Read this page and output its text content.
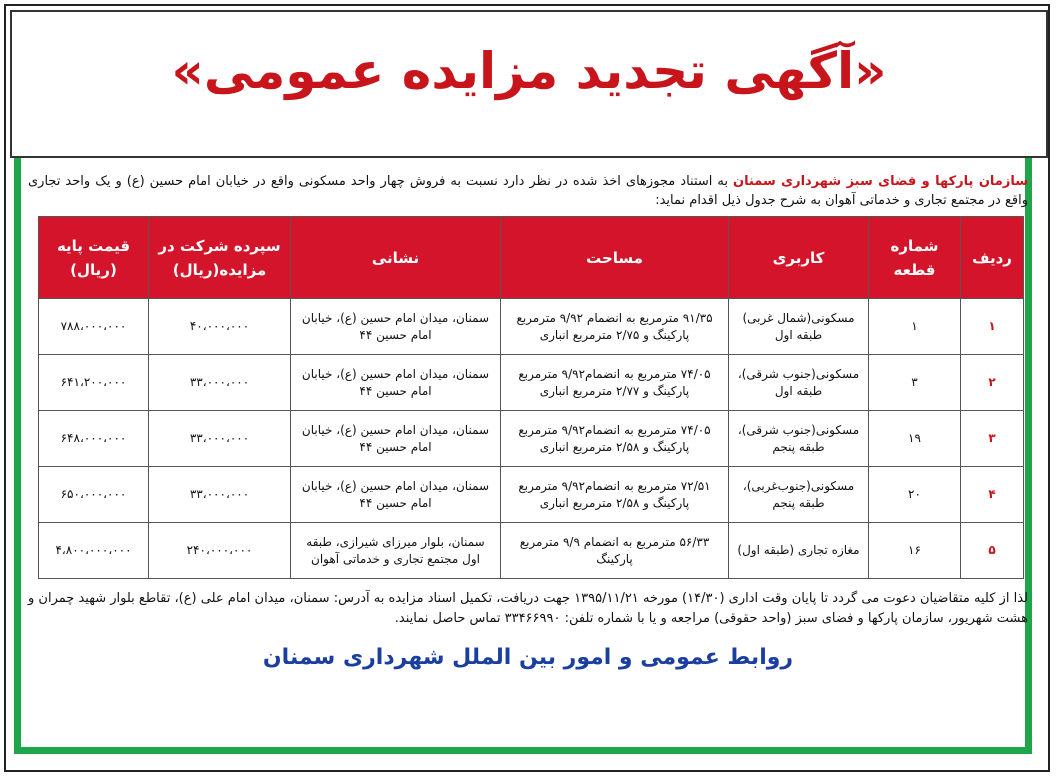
«آگهی تجدید مزایده عمومی»
سازمان پارکها و فضای سبز شهرداری سمنان به استناد مجوزهای اخذ شده در نظر دارد نسبت به فروش چهار واحد مسکونی واقع در خیابان امام حسین (ع) و یک واحد تجاری واقع در مجتمع تجاری و خدماتی آهوان به شرح جدول ذیل اقدام نماید:
ردیف	شماره قطعه	کاربری	مساحت	نشانی	سپرده شرکت در مزایده(ریال)	قیمت پایه (ریال)
۱	۱	مسکونی(شمال غربی) طبقه اول	۹۱/۳۵ مترمربع به انضمام ۹/۹۲ مترمربع پارکینگ و ۲/۷۵ مترمربع انباری	سمنان، میدان امام حسین (ع)، خیابان امام حسین ۴۴	۴۰،۰۰۰،۰۰۰	۷۸۸،۰۰۰،۰۰۰
۲	۳	مسکونی(جنوب شرقی)، طبقه اول	۷۴/۰۵ مترمربع به انضمام۹/۹۲ مترمربع پارکینگ و ۲/۷۷ مترمربع انباری	سمنان، میدان امام حسین (ع)، خیابان امام حسین ۴۴	۳۳،۰۰۰،۰۰۰	۶۴۱،۲۰۰،۰۰۰
۳	۱۹	مسکونی(جنوب شرقی)، طبقه پنجم	۷۴/۰۵ مترمربع به انضمام۹/۹۲ مترمربع پارکینگ و ۲/۵۸ مترمربع انباری	سمنان، میدان امام حسین (ع)، خیابان امام حسین ۴۴	۳۳،۰۰۰،۰۰۰	۶۴۸،۰۰۰،۰۰۰
۴	۲۰	مسکونی(جنوب‌غربی)، طبقه پنجم	۷۲/۵۱ مترمربع به انضمام۹/۹۲ مترمربع پارکینگ و ۲/۵۸ مترمربع انباری	سمنان، میدان امام حسین (ع)، خیابان امام حسین ۴۴	۳۳،۰۰۰،۰۰۰	۶۵۰،۰۰۰،۰۰۰
۵	۱۶	مغازه تجاری (طبقه اول)	۵۶/۳۳ مترمربع به انضمام ۹/۹ مترمربع پارکینگ	سمنان، بلوار میرزای شیرازی، طبقه اول مجتمع تجاری و خدماتی آهوان	۲۴۰،۰۰۰،۰۰۰	۴،۸۰۰،۰۰۰،۰۰۰
لذا از کلیه متقاضیان دعوت می گردد تا پایان وقت اداری (۱۴/۳۰) مورخه ۱۳۹۵/۱۱/۲۱ جهت دریافت، تکمیل اسناد مزایده به آدرس: سمنان، میدان امام علی (ع)، تقاطع بلوار شهید چمران و هشت شهریور، سازمان پارکها و فضای سبز (واحد حقوقی) مراجعه و یا با شماره تلفن: ۳۳۴۶۶۹۹۰ تماس حاصل نمایند.
روابط عمومی و امور بین الملل شهرداری سمنان
